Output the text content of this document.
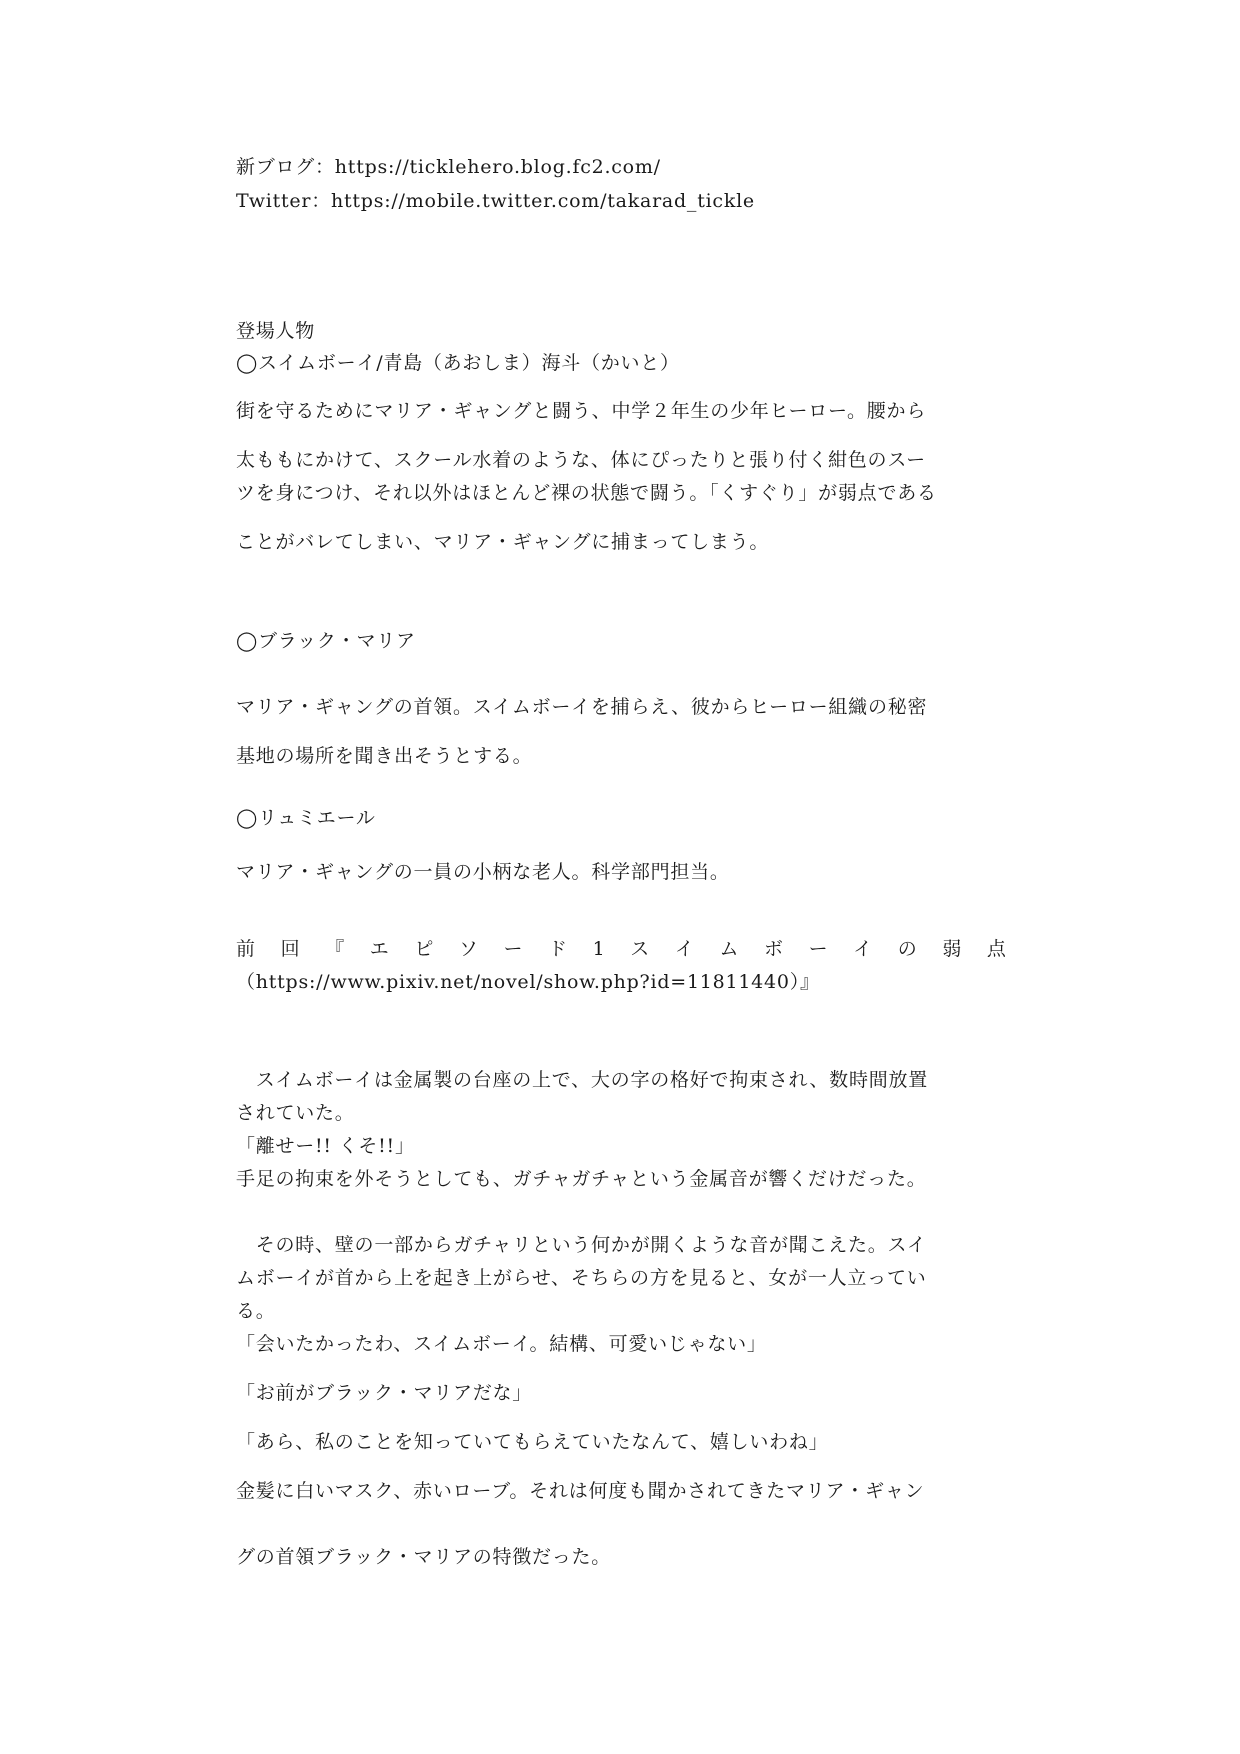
新ブログ：https://ticklehero.blog.fc2.com/

Twitter：https://mobile.twitter.com/takarad_tickle

登場人物

◯スイムボーイ/青島（あおしま）海斗（かいと）

街を守るためにマリア・ギャングと闘う、中学２年生の少年ヒーロー。腰から

太ももにかけて、スクール水着のような、体にぴったりと張り付く紺色のスー

ツを身につけ、それ以外はほとんど裸の状態で闘う。「くすぐり」が弱点である

ことがバレてしまい、マリア・ギャングに捕まってしまう。

◯ブラック・マリア

マリア・ギャングの首領。スイムボーイを捕らえ、彼からヒーロー組織の秘密

基地の場所を聞き出そうとする。

◯リュミエール

マリア・ギャングの一員の小柄な老人。科学部門担当。

前 回 『 エ ピ ソ ー ド 1 ス イ ム ボ ー イ の 弱 点

（https://www.pixiv.net/novel/show.php?id=11811440）』

　スイムボーイは金属製の台座の上で、大の字の格好で拘束され、数時間放置

されていた。

「離せー!! くそ!!」

手足の拘束を外そうとしても、ガチャガチャという金属音が響くだけだった。

　その時、壁の一部からガチャリという何かが開くような音が聞こえた。スイ

ムボーイが首から上を起き上がらせ、そちらの方を見ると、女が一人立ってい

る。

「会いたかったわ、スイムボーイ。結構、可愛いじゃない」

「お前がブラック・マリアだな」

「あら、私のことを知っていてもらえていたなんて、嬉しいわね」

金髪に白いマスク、赤いローブ。それは何度も聞かされてきたマリア・ギャン

グの首領ブラック・マリアの特徴だった。
